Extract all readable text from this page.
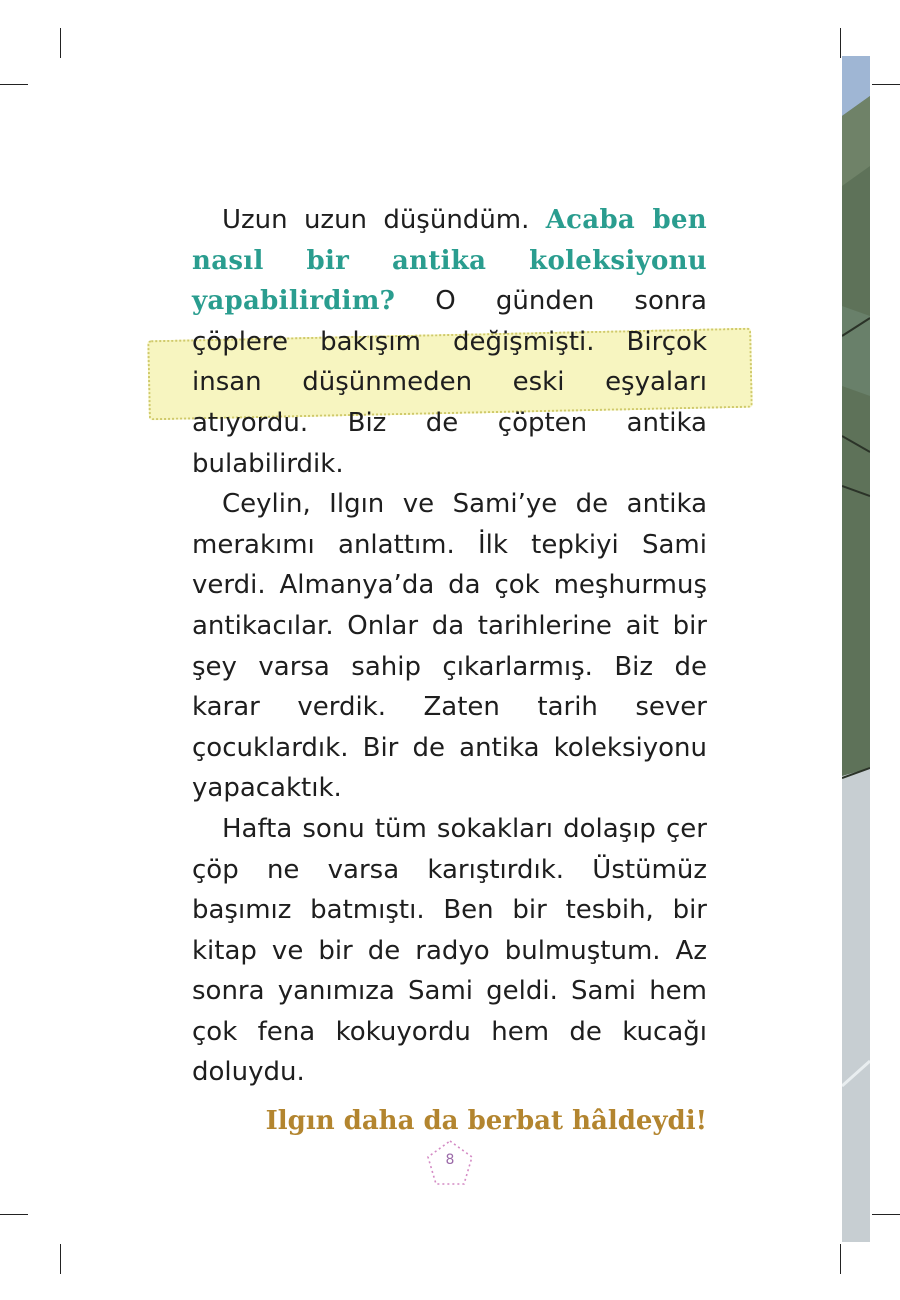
Uzun uzun düşündüm. Acaba ben nasıl bir antika koleksiyonu yapabilirdim? O günden sonra çöplere bakışım değişmişti. Birçok insan düşünmeden eski eşyaları atıyordu. Biz de çöpten antika bulabilirdik.

Ceylin, Ilgın ve Sami’ye de antika merakımı anlattım. İlk tepkiyi Sami verdi. Almanya’da da çok meşhurmuş antikacılar. Onlar da tarihlerine ait bir şey varsa sahip çıkarlarmış. Biz de karar verdik. Zaten tarih sever çocuklardık. Bir de antika koleksiyonu yapacaktık.

Hafta sonu tüm sokakları dolaşıp çer çöp ne varsa karıştırdık. Üstümüz başımız batmıştı. Ben bir tesbih, bir kitap ve bir de radyo bulmuştum. Az sonra yanımıza Sami geldi. Sami hem çok fena kokuyordu hem de kucağı doluydu.

Ilgın daha da berbat hâldeydi!

8
